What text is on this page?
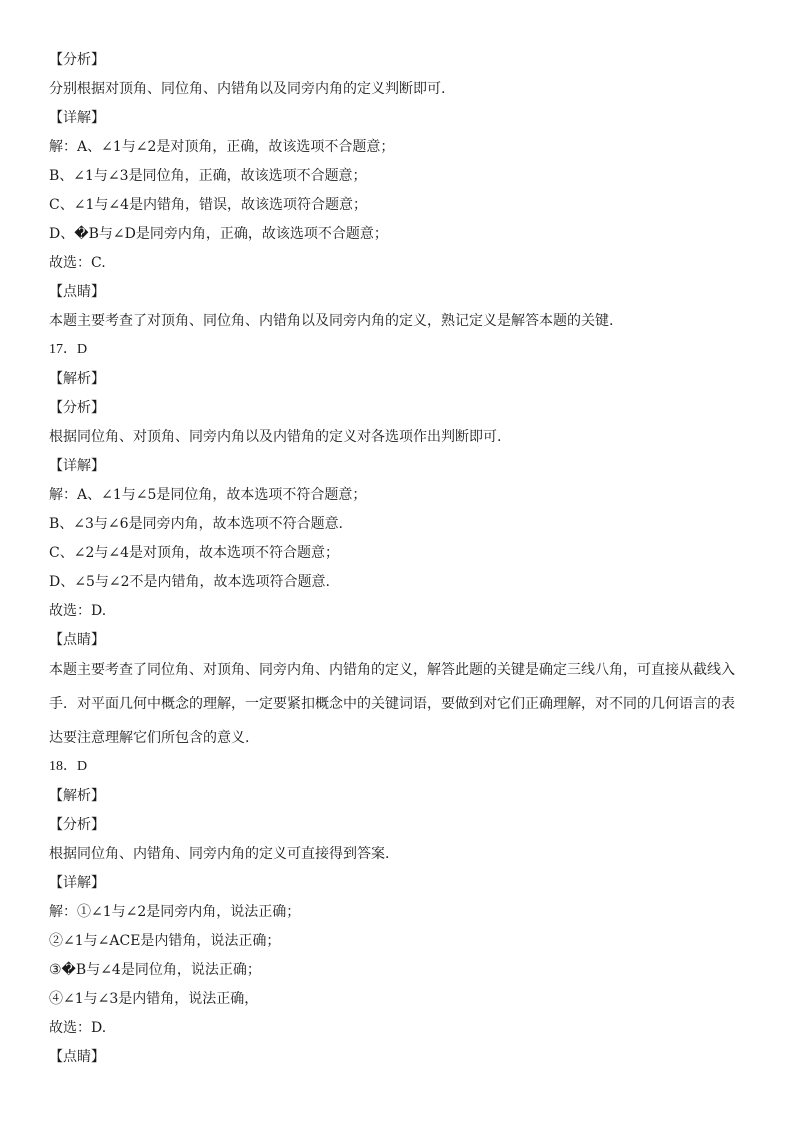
【分析】
分别根据对顶角、同位角、内错角以及同旁内角的定义判断即可.
【详解】
解：A、∠1与∠2是对顶角，正确，故该选项不合题意；
B、∠1与∠3是同位角，正确，故该选项不合题意；
C、∠1与∠4是内错角，错误，故该选项符合题意；
D、�B与∠D是同旁内角，正确，故该选项不合题意；
故选：C.
【点睛】
本题主要考查了对顶角、同位角、内错角以及同旁内角的定义，熟记定义是解答本题的关键.
17．D
【解析】
【分析】
根据同位角、对顶角、同旁内角以及内错角的定义对各选项作出判断即可.
【详解】
解：A、∠1与∠5是同位角，故本选项不符合题意；
B、∠3与∠6是同旁内角，故本选项不符合题意.
C、∠2与∠4是对顶角，故本选项不符合题意；
D、∠5与∠2不是内错角，故本选项符合题意.
故选：D.
【点睛】
本题主要考查了同位角、对顶角、同旁内角、内错角的定义，解答此题的关键是确定三线八角，可直接从截线入
手．对平面几何中概念的理解，一定要紧扣概念中的关键词语，要做到对它们正确理解，对不同的几何语言的表
达要注意理解它们所包含的意义.
18．D
【解析】
【分析】
根据同位角、内错角、同旁内角的定义可直接得到答案.
【详解】
解：①∠1与∠2是同旁内角，说法正确；
②∠1与∠ACE是内错角，说法正确；
③�B与∠4是同位角，说法正确；
④∠1与∠3是内错角，说法正确，
故选：D.
【点睛】
